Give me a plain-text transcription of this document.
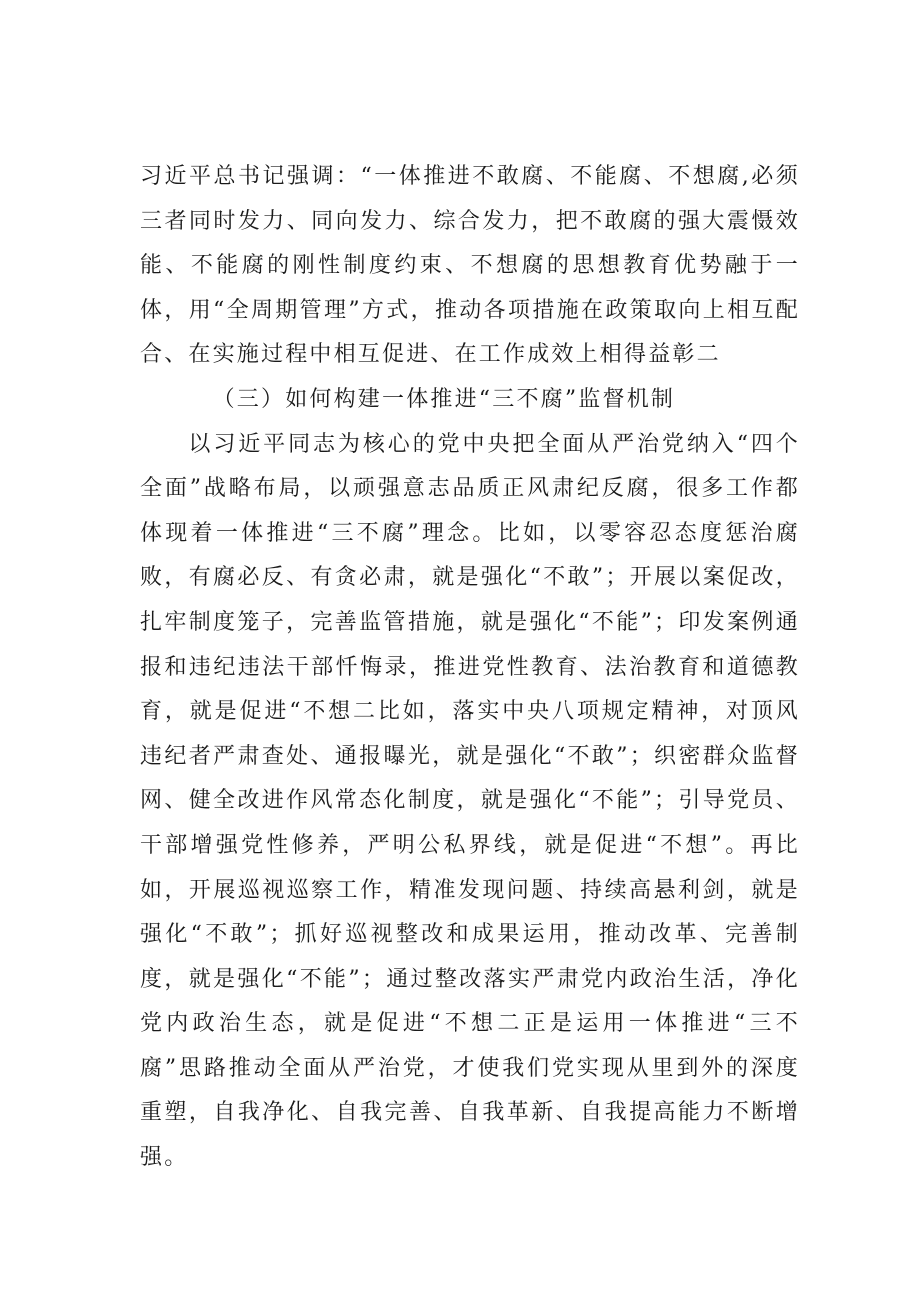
习近平总书记强调：“一体推进不敢腐、不能腐、不想腐,必须三者同时发力、同向发力、综合发力，把不敢腐的强大震慑效能、不能腐的刚性制度约束、不想腐的思想教育优势融于一体，用“全周期管理”方式，推动各项措施在政策取向上相互配合、在实施过程中相互促进、在工作成效上相得益彰二

（三）如何构建一体推进“三不腐”监督机制

以习近平同志为核心的党中央把全面从严治党纳入“四个全面”战略布局，以顽强意志品质正风肃纪反腐，很多工作都体现着一体推进“三不腐”理念。比如，以零容忍态度惩治腐败，有腐必反、有贪必肃，就是强化“不敢”；开展以案促改，扎牢制度笼子，完善监管措施，就是强化“不能”；印发案例通报和违纪违法干部忏悔录，推进党性教育、法治教育和道德教育，就是促进“不想二比如，落实中央八项规定精神，对顶风违纪者严肃查处、通报曝光，就是强化“不敢”；织密群众监督网、健全改进作风常态化制度，就是强化“不能”；引导党员、干部增强党性修养，严明公私界线，就是促进“不想”。再比如，开展巡视巡察工作，精准发现问题、持续高悬利剑，就是强化“不敢”；抓好巡视整改和成果运用，推动改革、完善制度，就是强化“不能”；通过整改落实严肃党内政治生活，净化党内政治生态，就是促进“不想二正是运用一体推进“三不腐”思路推动全面从严治党，才使我们党实现从里到外的深度重塑，自我净化、自我完善、自我革新、自我提高能力不断增强。
